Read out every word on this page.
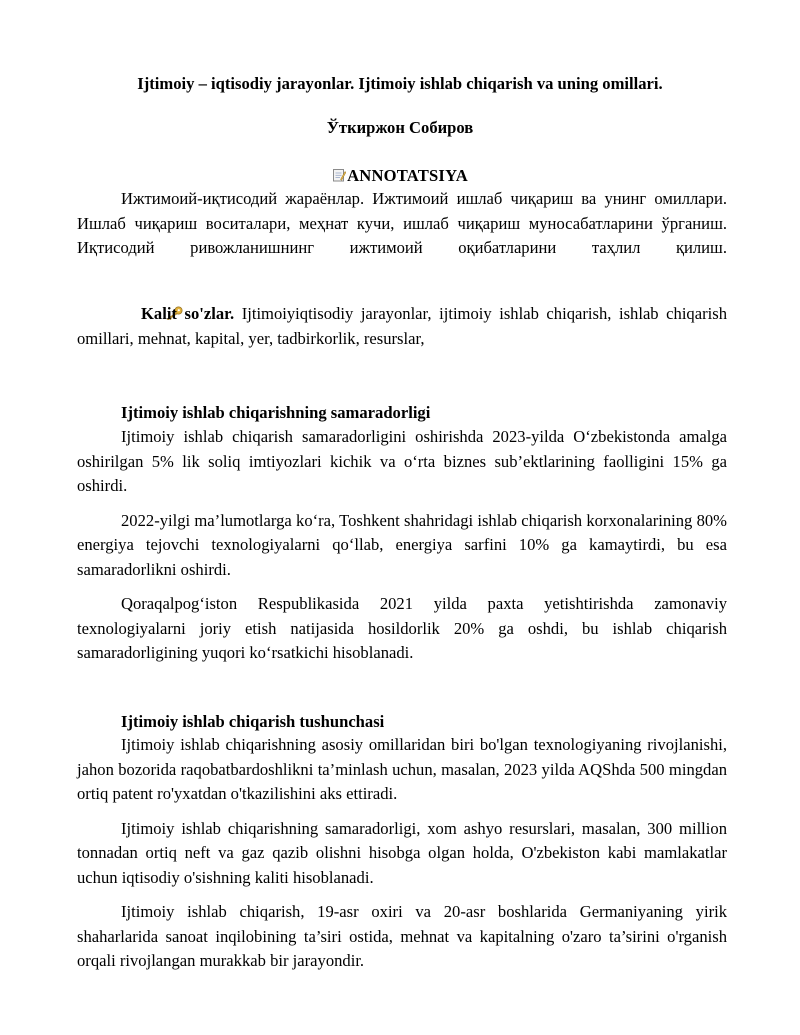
Ijtimoiy – iqtisodiy jarayonlar. Ijtimoiy ishlab chiqarish va uning omillari.
Ўткиржон Собиров
ANNOTATSIYA

Ижтимоий-иқтисодий жараёнлар. Ижтимоий ишлаб чиқариш ва унинг омиллари. Ишлаб чиқариш воситалари, меҳнат кучи, ишлаб чиқариш муносабатларини ўрганиш. Иқтисодий ривожланишнинг ижтимоий оқибатларини таҳлил қилиш.

Kalit so'zlar. Ijtimoiyiqtisodiy jarayonlar, ijtimoiy ishlab chiqarish, ishlab chiqarish omillari, mehnat, kapital, yer, tadbirkorlik, resurslar,

Ijtimoiy ishlab chiqarishning samaradorligi

Ijtimoiy ishlab chiqarish samaradorligini oshirishda 2023-yilda O‘zbekistonda amalga oshirilgan 5% lik soliq imtiyozlari kichik va o‘rta biznes sub’ektlarining faolligini 15% ga oshirdi.

2022-yilgi ma’lumotlarga ko‘ra, Toshkent shahridagi ishlab chiqarish korxonalarining 80% energiya tejovchi texnologiyalarni qo‘llab, energiya sarfini 10% ga kamaytirdi, bu esa samaradorlikni oshirdi.

Qoraqalpog‘iston Respublikasida 2021 yilda paxta yetishtirishda zamonaviy texnologiyalarni joriy etish natijasida hosildorlik 20% ga oshdi, bu ishlab chiqarish samaradorligining yuqori ko‘rsatkichi hisoblanadi.

Ijtimoiy ishlab chiqarish tushunchasi

Ijtimoiy ishlab chiqarishning asosiy omillaridan biri bo'lgan texnologiyaning rivojlanishi, jahon bozorida raqobatbardoshlikni ta’minlash uchun, masalan, 2023 yilda AQShda 500 mingdan ortiq patent ro'yxatdan o'tkazilishini aks ettiradi.

Ijtimoiy ishlab chiqarishning samaradorligi, xom ashyo resurslari, masalan, 300 million tonnadan ortiq neft va gaz qazib olishni hisobga olgan holda, O'zbekiston kabi mamlakatlar uchun iqtisodiy o'sishning kaliti hisoblanadi.

Ijtimoiy ishlab chiqarish, 19-asr oxiri va 20-asr boshlarida Germaniyaning yirik shaharlarida sanoat inqilobining ta’siri ostida, mehnat va kapitalning o'zaro ta’sirini o'rganish orqali rivojlangan murakkab bir jarayondir.
